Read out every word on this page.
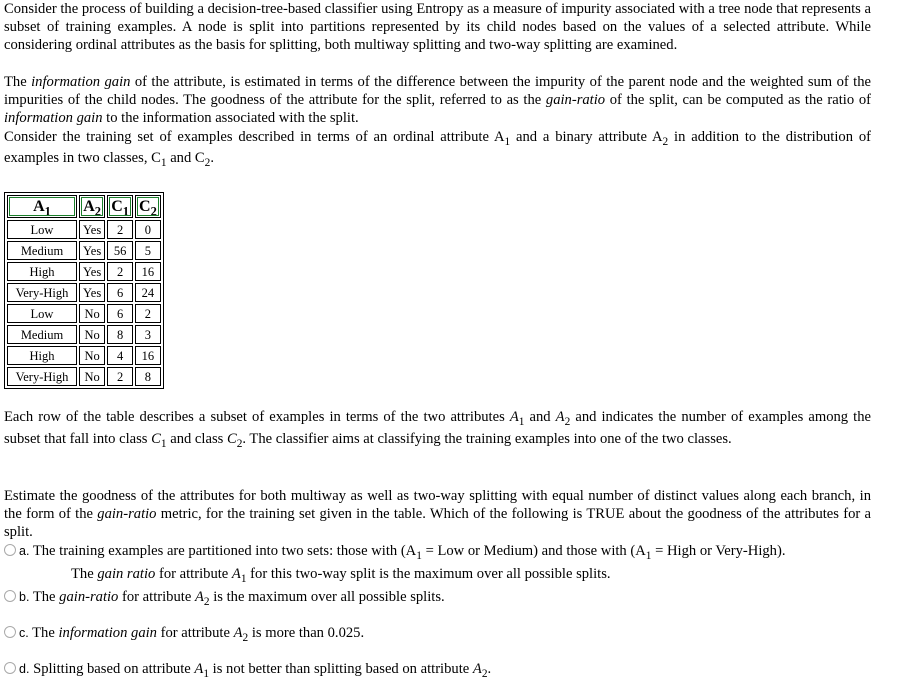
Consider the process of building a decision-tree-based classifier using Entropy as a measure of impurity associated with a tree node that represents a subset of training examples. A node is split into partitions represented by its child nodes based on the values of a selected attribute. While considering ordinal attributes as the basis for splitting, both multiway splitting and two-way splitting are examined.

The information gain of the attribute, is estimated in terms of the difference between the impurity of the parent node and the weighted sum of the impurities of the child nodes. The goodness of the attribute for the split, referred to as the gain-ratio of the split, can be computed as the ratio of information gain to the information associated with the split.

Consider the training set of examples described in terms of an ordinal attribute $A_1$ and a binary attribute $A_2$ in addition to the distribution of examples in two classes, $C_1$ and $C_2$.

$A_1$	$A_2$	$C_1$	$C_2$
Low	Yes	2	0
Medium	Yes	56	5
High	Yes	2	16
Very-High	Yes	6	24
Low	No	6	2
Medium	No	8	3
High	No	4	16
Very-High	No	2	8

Each row of the table describes a subset of examples in terms of the two attributes $A_1$ and $A_2$ and indicates the number of examples among the subset that fall into class $C_1$ and class $C_2$. The classifier aims at classifying the training examples into one of the two classes.

Estimate the goodness of the attributes for both multiway as well as two-way splitting with equal number of distinct values along each branch, in the form of the gain-ratio metric, for the training set given in the table. Which of the following is TRUE about the goodness of the attributes for a split.

a. The training examples are partitioned into two sets: those with ($A_1$ = Low or Medium) and those with ($A_1$ = High or Very-High).
The gain ratio for attribute $A_1$ for this two-way split is the maximum over all possible splits.
b. The gain-ratio for attribute $A_2$ is the maximum over all possible splits.
c. The information gain for attribute $A_2$ is more than 0.025.
d. Splitting based on attribute $A_1$ is not better than splitting based on attribute $A_2$.
